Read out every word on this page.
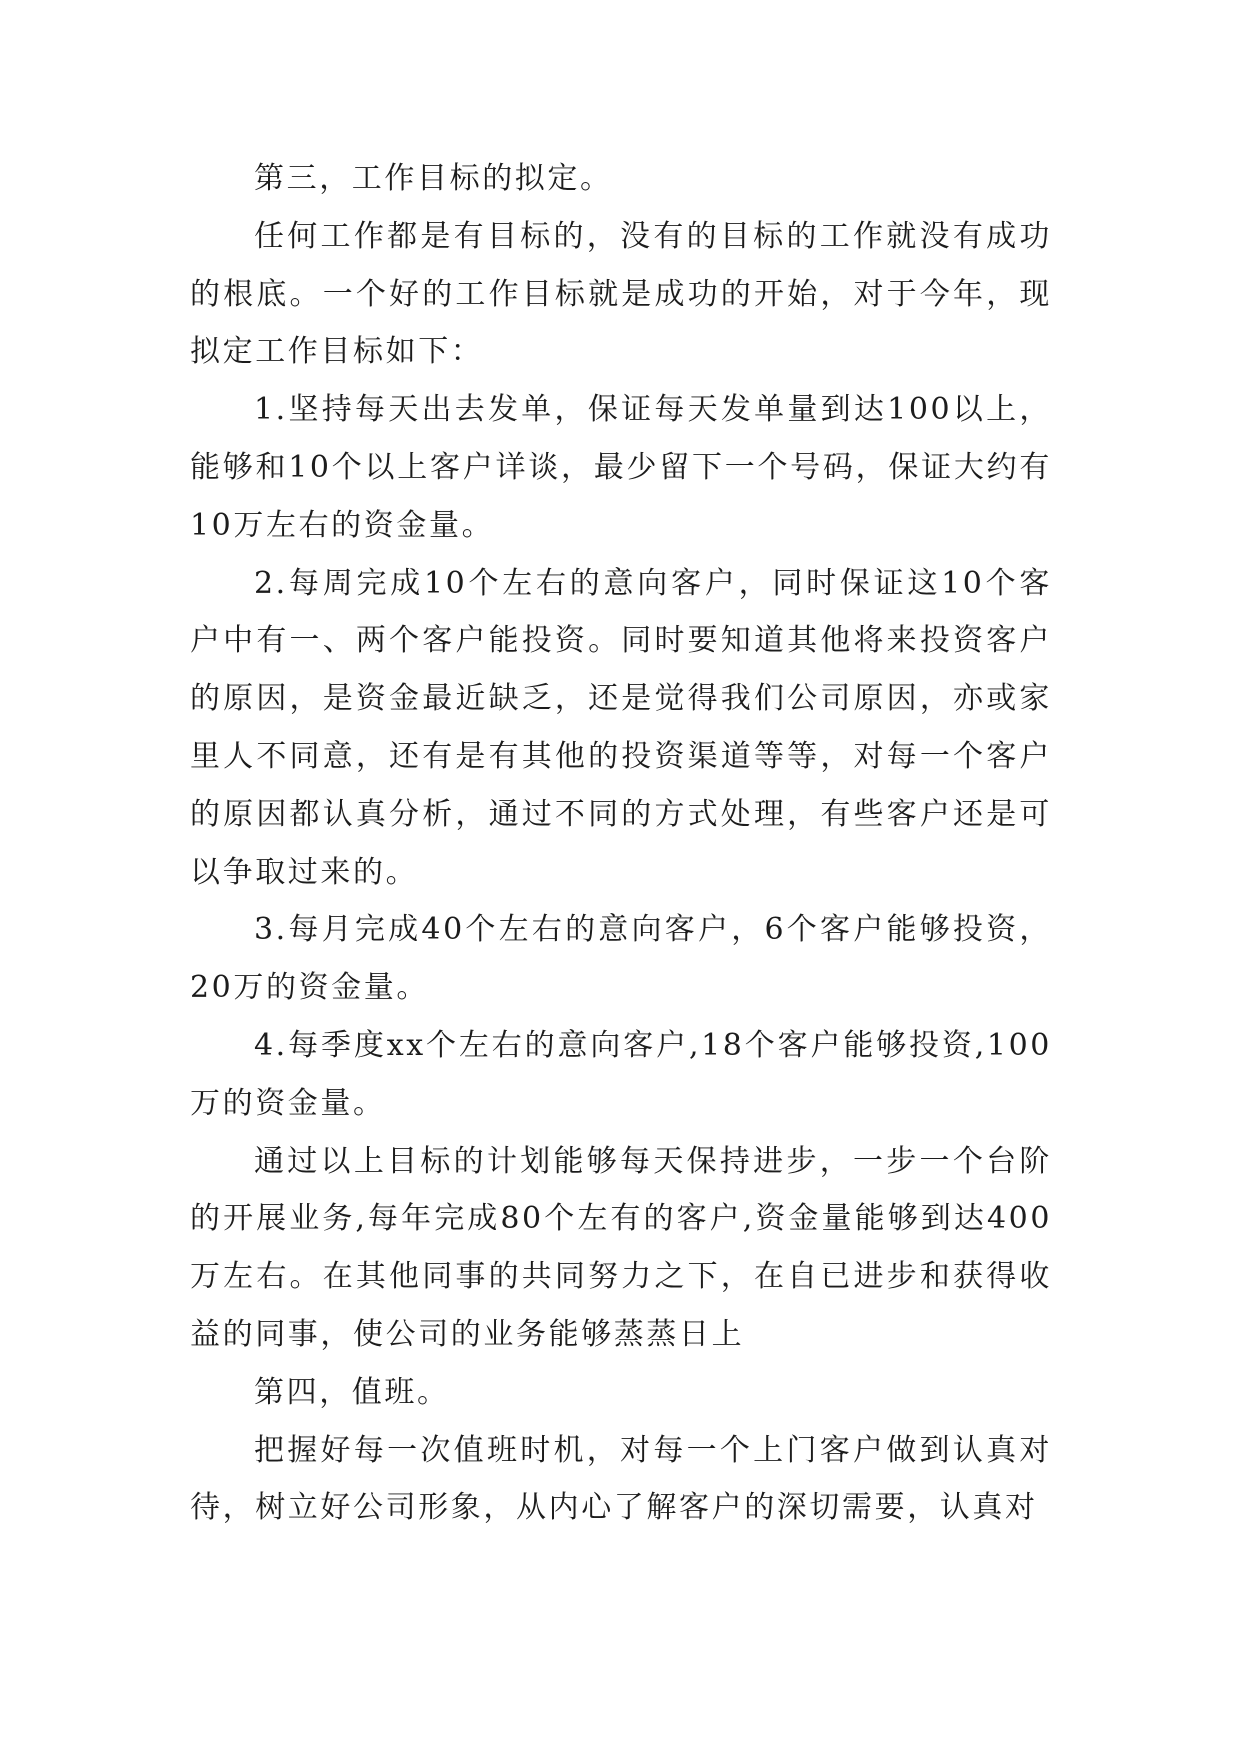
第三，工作目标的拟定。

任何工作都是有目标的，没有的目标的工作就没有成功的根底。一个好的工作目标就是成功的开始，对于今年，现拟定工作目标如下：

1.坚持每天出去发单，保证每天发单量到达100以上，能够和10个以上客户详谈，最少留下一个号码，保证大约有10万左右的资金量。

2.每周完成10个左右的意向客户，同时保证这10个客户中有一、两个客户能投资。同时要知道其他将来投资客户的原因，是资金最近缺乏，还是觉得我们公司原因，亦或家里人不同意，还有是有其他的投资渠道等等，对每一个客户的原因都认真分析，通过不同的方式处理，有些客户还是可以争取过来的。

3.每月完成40个左右的意向客户，6个客户能够投资，20万的资金量。

4.每季度xx个左右的意向客户,18个客户能够投资,100万的资金量。

通过以上目标的计划能够每天保持进步，一步一个台阶的开展业务,每年完成80个左有的客户,资金量能够到达400万左右。在其他同事的共同努力之下，在自已进步和获得收益的同事，使公司的业务能够蒸蒸日上

第四，值班。

把握好每一次值班时机，对每一个上门客户做到认真对待，树立好公司形象，从内心了解客户的深切需要，认真对
